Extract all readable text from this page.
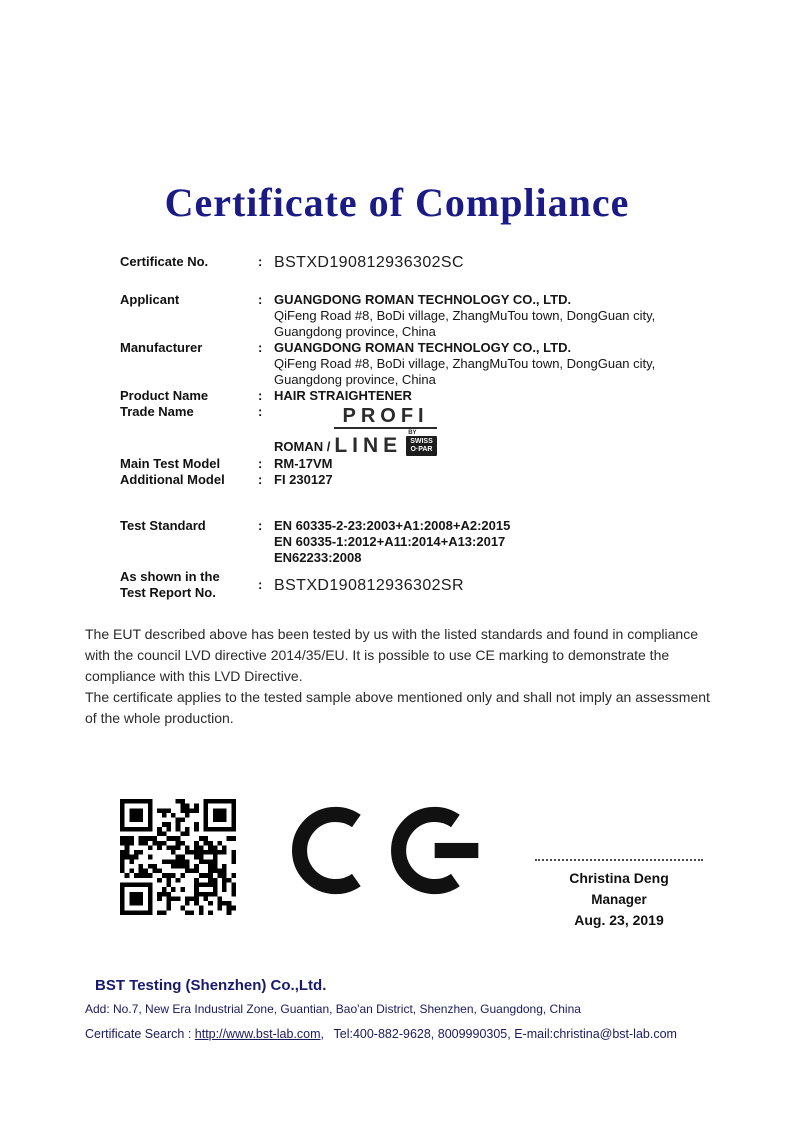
Certificate of Compliance
Certificate No.	: BSTXD190812936302SC
Applicant	: GUANGDONG ROMAN TECHNOLOGY CO., LTD.
QiFeng Road #8, BoDi village, ZhangMuTou town, DongGuan city, Guangdong province, China
Manufacturer	: GUANGDONG ROMAN TECHNOLOGY CO., LTD.
QiFeng Road #8, BoDi village, ZhangMuTou town, DongGuan city, Guangdong province, China
Product Name	: HAIR STRAIGHTENER
Trade Name	:
ROMAN /
PROFI
LINE
BY
SWISS
O·PAR
Main Test Model	: RM-17VM
Additional Model	: FI 230127
Test Standard	: EN 60335-2-23:2003+A1:2008+A2:2015
EN 60335-1:2012+A11:2014+A13:2017
EN62233:2008
As shown in the
Test Report No.
: BSTXD190812936302SR

The EUT described above has been tested by us with the listed standards and found in compliance with the council LVD directive 2014/35/EU. It is possible to use CE marking to demonstrate the compliance with this LVD Directive.

The certificate applies to the tested sample above mentioned only and shall not imply an assessment of the whole production.

Christina Deng
Manager
Aug. 23, 2019
BST Testing (Shenzhen) Co.,Ltd.
Add: No.7, New Era Industrial Zone, Guantian, Bao'an District, Shenzhen, Guangdong, China
Certificate Search : http://www.bst-lab.com,  Tel:400-882-9628, 8009990305, E-mail:christina@bst-lab.com
